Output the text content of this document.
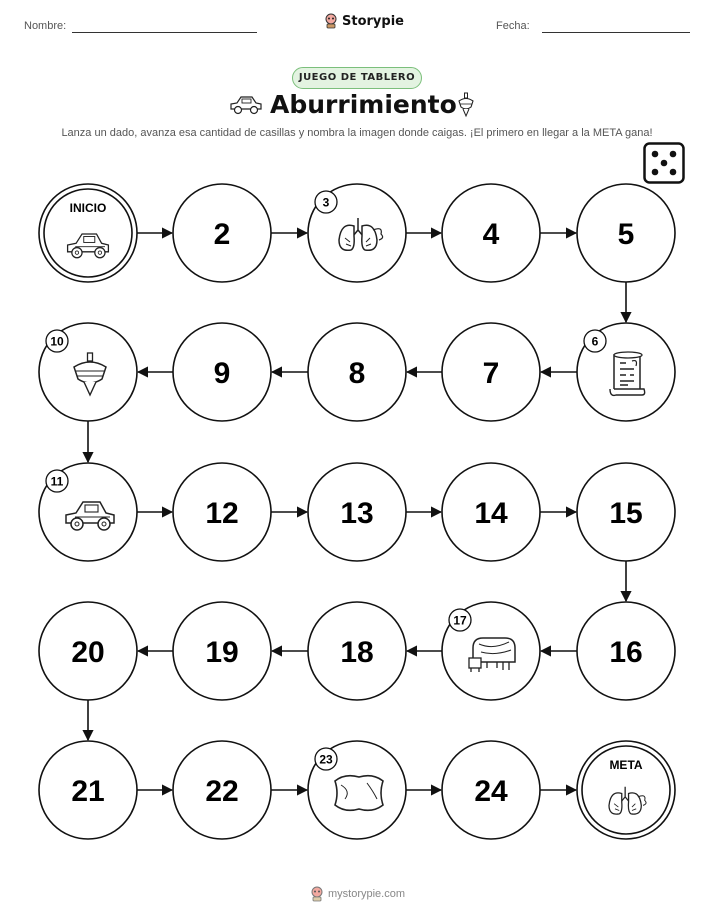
Nombre:	Fecha:
Storypie
JUEGO DE TABLERO
Aburrimiento
Lanza un dado, avanza esa cantidad de casillas y nombra la imagen donde caigas. ¡El primero en llegar a la META gana!
INICIO
2
3
4	5
6
7
8
9
10
11
12	13	14	15
16
17
18
19
20
21	22
23
24
META
mystorypie.com
